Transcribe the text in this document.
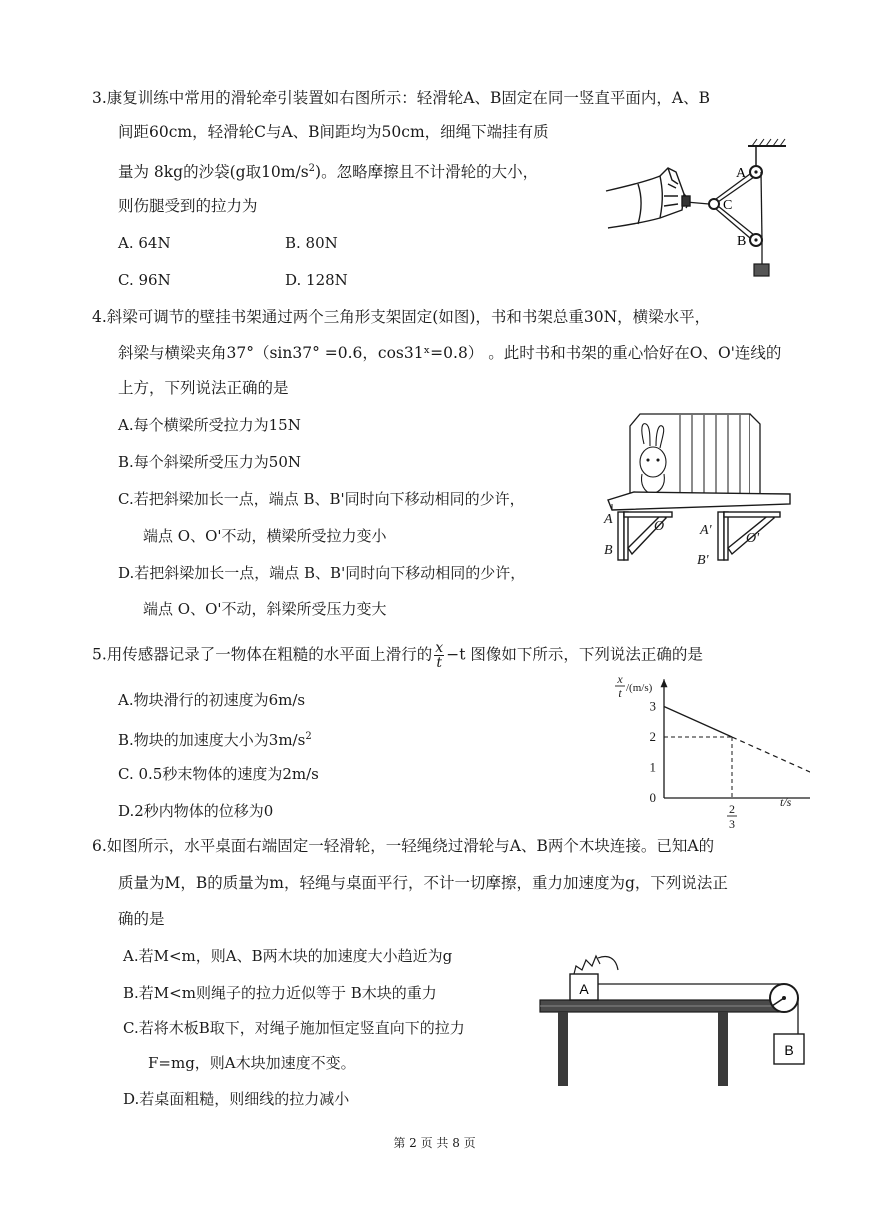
3.康复训练中常用的滑轮牵引装置如右图所示：轻滑轮A、B固定在同一竖直平面内，A、B
间距60cm，轻滑轮C与A、B间距均为50cm，细绳下端挂有质
量为 8kg的沙袋(g取$10m/s^2$)。忽略摩擦且不计滑轮的大小，
则伤腿受到的拉力为
A. 64N	B. 80N
C. 96N	D. 128N
A
B
C
4.斜梁可调节的壁挂书架通过两个三角形支架固定(如图)，书和书架总重30N，横梁水平，
斜梁与横梁夹角37°（sin37° =0.6，cos31ˣ=0.8） 。此时书和书架的重心恰好在O、O'连线的
上方，下列说法正确的是
A.每个横梁所受拉力为15N
B.每个斜梁所受压力为50N
C.若把斜梁加长一点，端点 B、B'同时向下移动相同的少许，
端点 O、O'不动，横梁所受拉力变小
D.若把斜梁加长一点，端点 B、B'同时向下移动相同的少许，
端点 O、O'不动，斜梁所受压力变大
A
B
O	A'
B'
O'
5.用传感器记录了一物体在粗糙的水平面上滑行的 $\frac{x}{t} -t$ 图像如下所示，下列说法正确的是
A.物块滑行的初速度为6m/s
B.物块的加速度大小为$3m/s^2$
C. 0.5秒末物体的速度为2m/s
D.2秒内物体的位移为0
0
1
2
3
2
3
x
t /(m/s)
t/s
6.如图所示，水平桌面右端固定一轻滑轮，一轻绳绕过滑轮与A、B两个木块连接。已知A的
质量为M，B的质量为m，轻绳与桌面平行，不计一切摩擦，重力加速度为g，下列说法正
确的是
A.若M<m，则A、B两木块的加速度大小趋近为g
B.若M<m则绳子的拉力近似等于 B木块的重力
C.若将木板B取下，对绳子施加恒定竖直向下的拉力
F=mg，则A木块加速度不变。
D.若桌面粗糙，则细线的拉力减小
A
B
第 2 页 共 8 页
